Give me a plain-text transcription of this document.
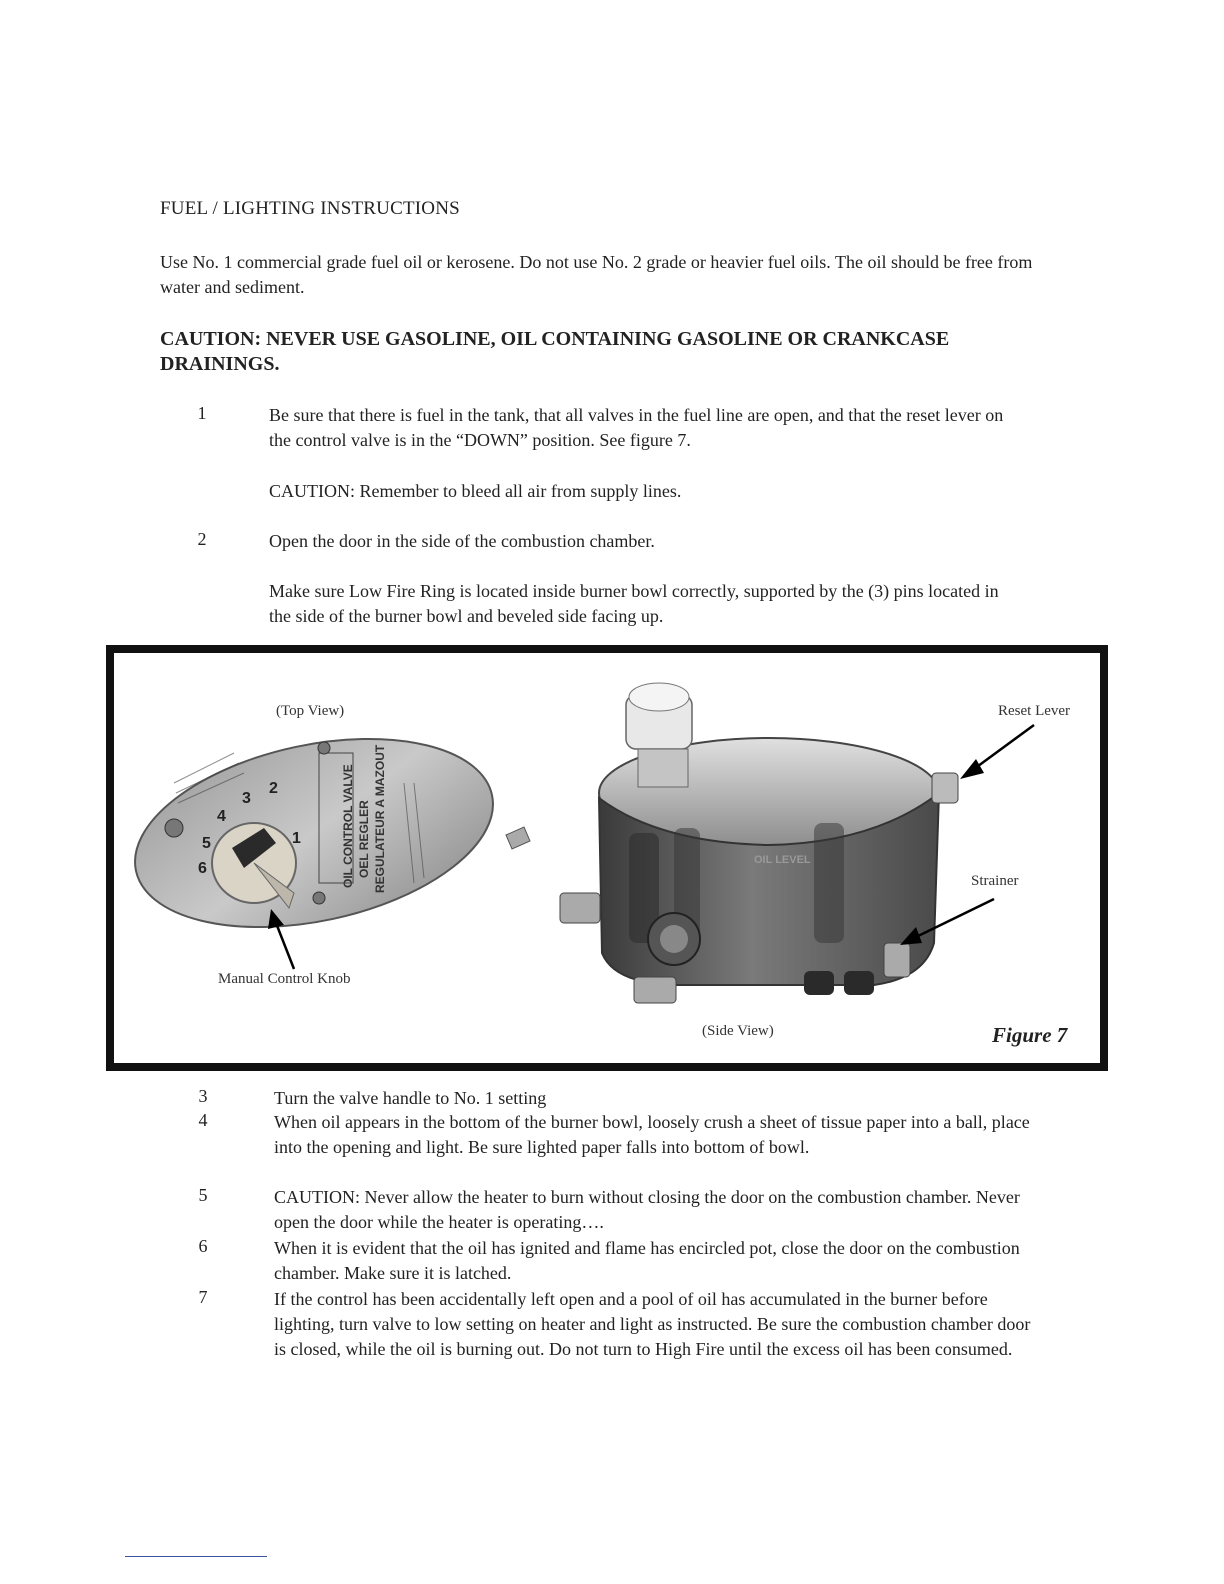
FUEL / LIGHTING INSTRUCTIONS
Use No. 1 commercial grade fuel oil or kerosene. Do not use No. 2 grade or heavier fuel oils. The oil should be free from water and sediment.
CAUTION: NEVER USE GASOLINE, OIL CONTAINING GASOLINE OR CRANKCASE DRAININGS.
1	Be sure that there is fuel in the tank, that all valves in the fuel line are open, and that the reset lever on the control valve is in the “DOWN” position. See figure 7.
CAUTION: Remember to bleed all air from supply lines.
2	Open the door in the side of the combustion chamber.
Make sure Low Fire Ring is located inside burner bowl correctly, supported by the (3) pins located in the side of the burner bowl and beveled side facing up.
OIL CONTROL VALVE OEL REGLER REGULATEUR A MAZOUT
6
5
4
3
2
1
OIL LEVEL
(Top View)
Manual Control Knob
Reset Lever
Strainer
(Side View)	Figure 7
3	Turn the valve handle to No. 1 setting
4	When oil appears in the bottom of the burner bowl, loosely crush a sheet of tissue paper into a ball, place into the opening and light. Be sure lighted paper falls into bottom of bowl.
5	CAUTION: Never allow the heater to burn without closing the door on the combustion chamber. Never open the door while the heater is operating….
6	When it is evident that the oil has ignited and flame has encircled pot, close the door on the combustion chamber. Make sure it is latched.
7	If the control has been accidentally left open and a pool of oil has accumulated in the burner before lighting, turn valve to low setting on heater and light as instructed. Be sure the combustion chamber door is closed, while the oil is burning out. Do not turn to High Fire until the excess oil has been consumed.
